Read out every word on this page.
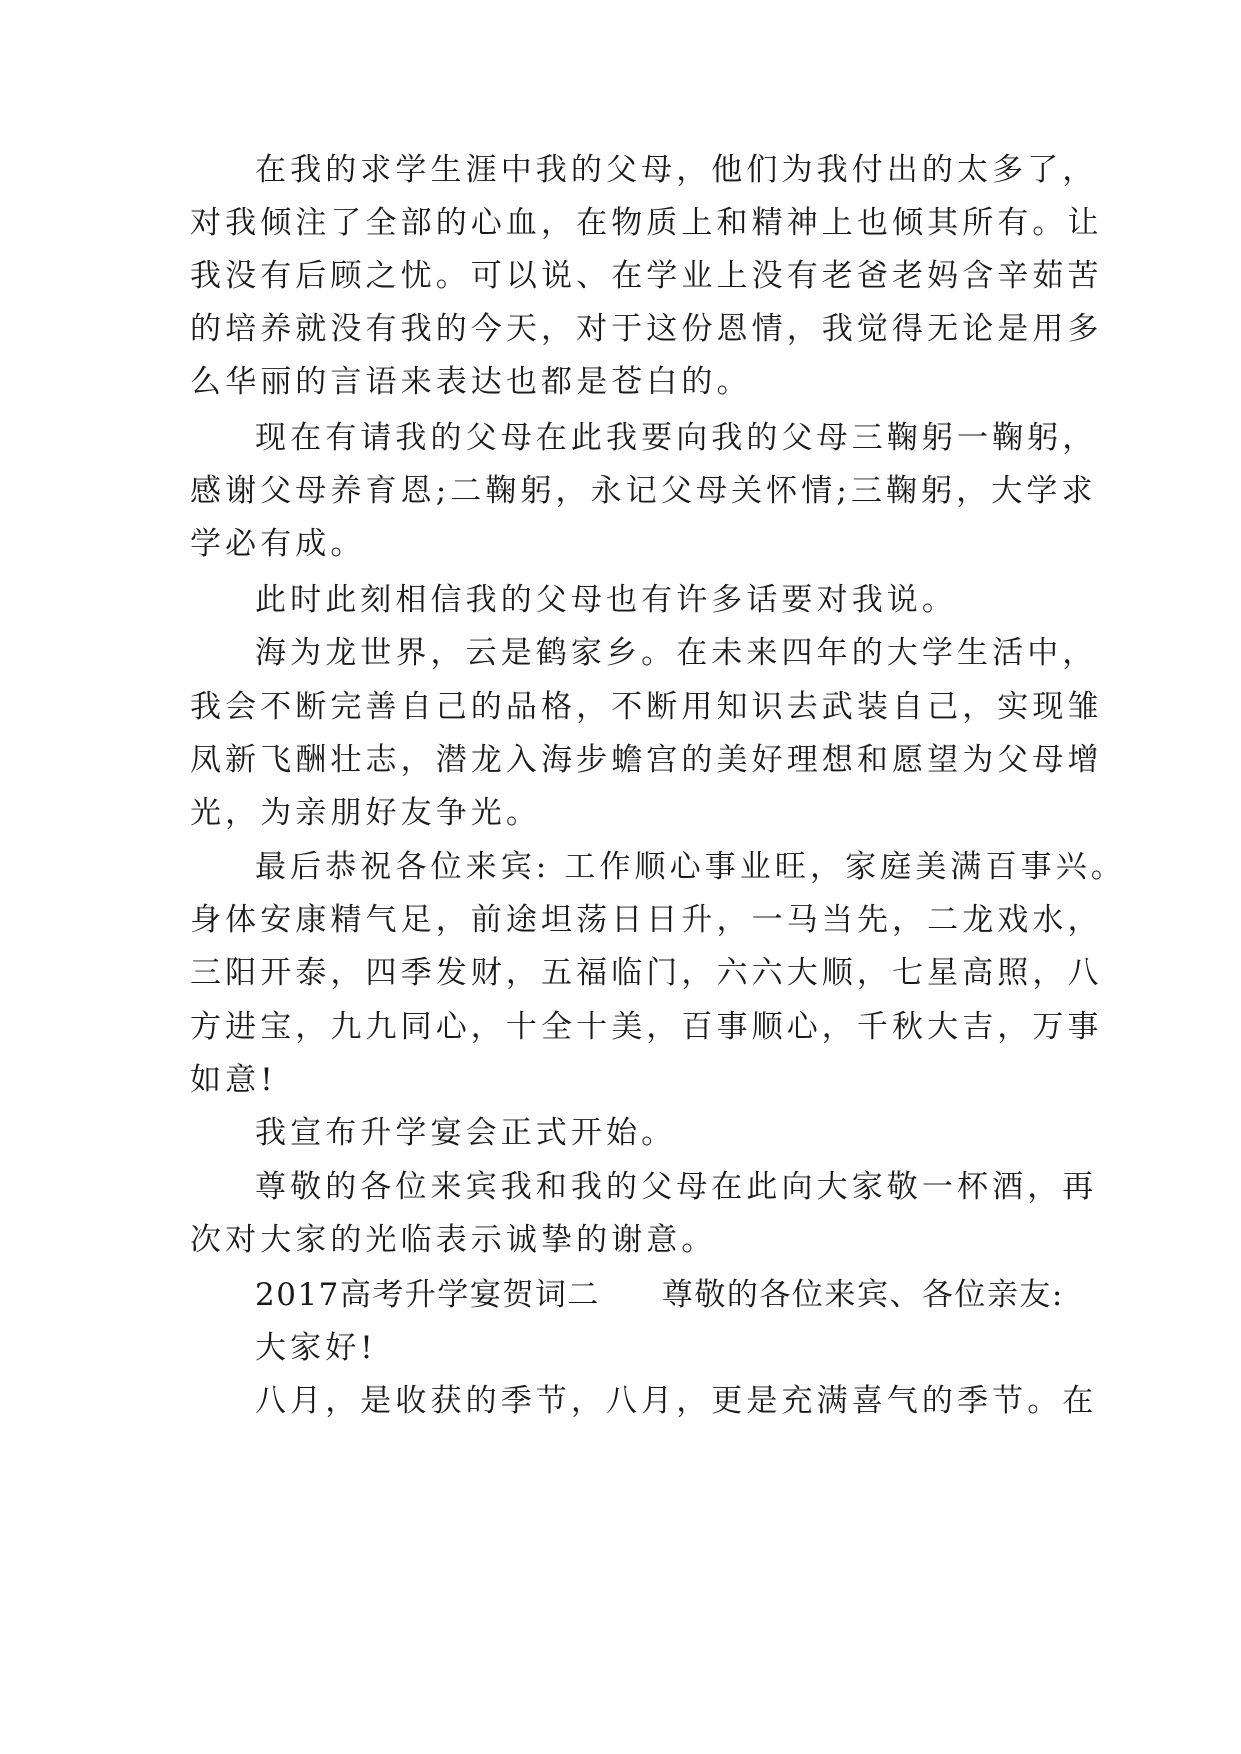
在我的求学生涯中我的父母，他们为我付出的太多了，
对我倾注了全部的心血，在物质上和精神上也倾其所有。让
我没有后顾之忧。可以说、在学业上没有老爸老妈含辛茹苦
的培养就没有我的今天，对于这份恩情，我觉得无论是用多
么华丽的言语来表达也都是苍白的。
现在有请我的父母在此我要向我的父母三鞠躬一鞠躬，
感谢父母养育恩;二鞠躬，永记父母关怀情;三鞠躬，大学求
学必有成。
此时此刻相信我的父母也有许多话要对我说。
海为龙世界，云是鹤家乡。在未来四年的大学生活中，
我会不断完善自己的品格，不断用知识去武装自己，实现雏
凤新飞酬壮志，潜龙入海步蟾宫的美好理想和愿望为父母增
光，为亲朋好友争光。
最后恭祝各位来宾: 工作顺心事业旺，家庭美满百事兴。
身体安康精气足，前途坦荡日日升，一马当先，二龙戏水，
三阳开泰，四季发财，五福临门，六六大顺，七星高照，八
方进宝，九九同心，十全十美，百事顺心，千秋大吉，万事
如意!
我宣布升学宴会正式开始。
尊敬的各位来宾我和我的父母在此向大家敬一杯酒，再
次对大家的光临表示诚挚的谢意。
2017高考升学宴贺词二 尊敬的各位来宾、各位亲友:
大家好!
八月，是收获的季节，八月，更是充满喜气的季节。在
